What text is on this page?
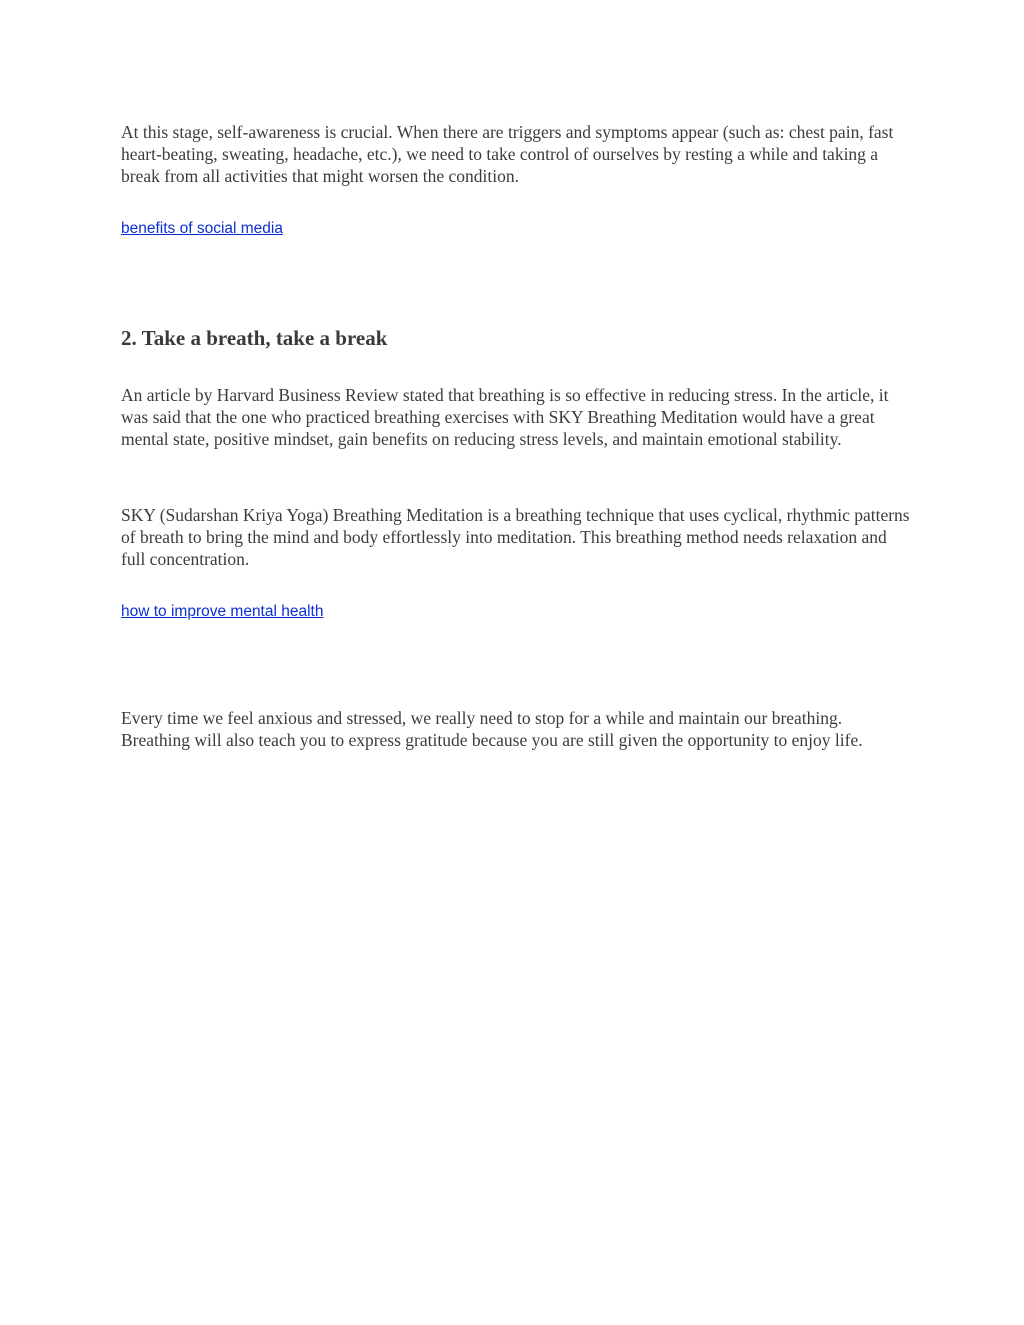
At this stage, self-awareness is crucial. When there are triggers and symptoms appear (such as: chest pain, fast heart-beating, sweating, headache, etc.), we need to take control of ourselves by resting a while and taking a break from all activities that might worsen the condition.

benefits of social media
2. Take a breath, take a break

An article by Harvard Business Review stated that breathing is so effective in reducing stress. In the article, it was said that the one who practiced breathing exercises with SKY Breathing Meditation would have a great mental state, positive mindset, gain benefits on reducing stress levels, and maintain emotional stability.

SKY (Sudarshan Kriya Yoga) Breathing Meditation is a breathing technique that uses cyclical, rhythmic patterns of breath to bring the mind and body effortlessly into meditation. This breathing method needs relaxation and full concentration.

how to improve mental health

Every time we feel anxious and stressed, we really need to stop for a while and maintain our breathing. Breathing will also teach you to express gratitude because you are still given the opportunity to enjoy life.
